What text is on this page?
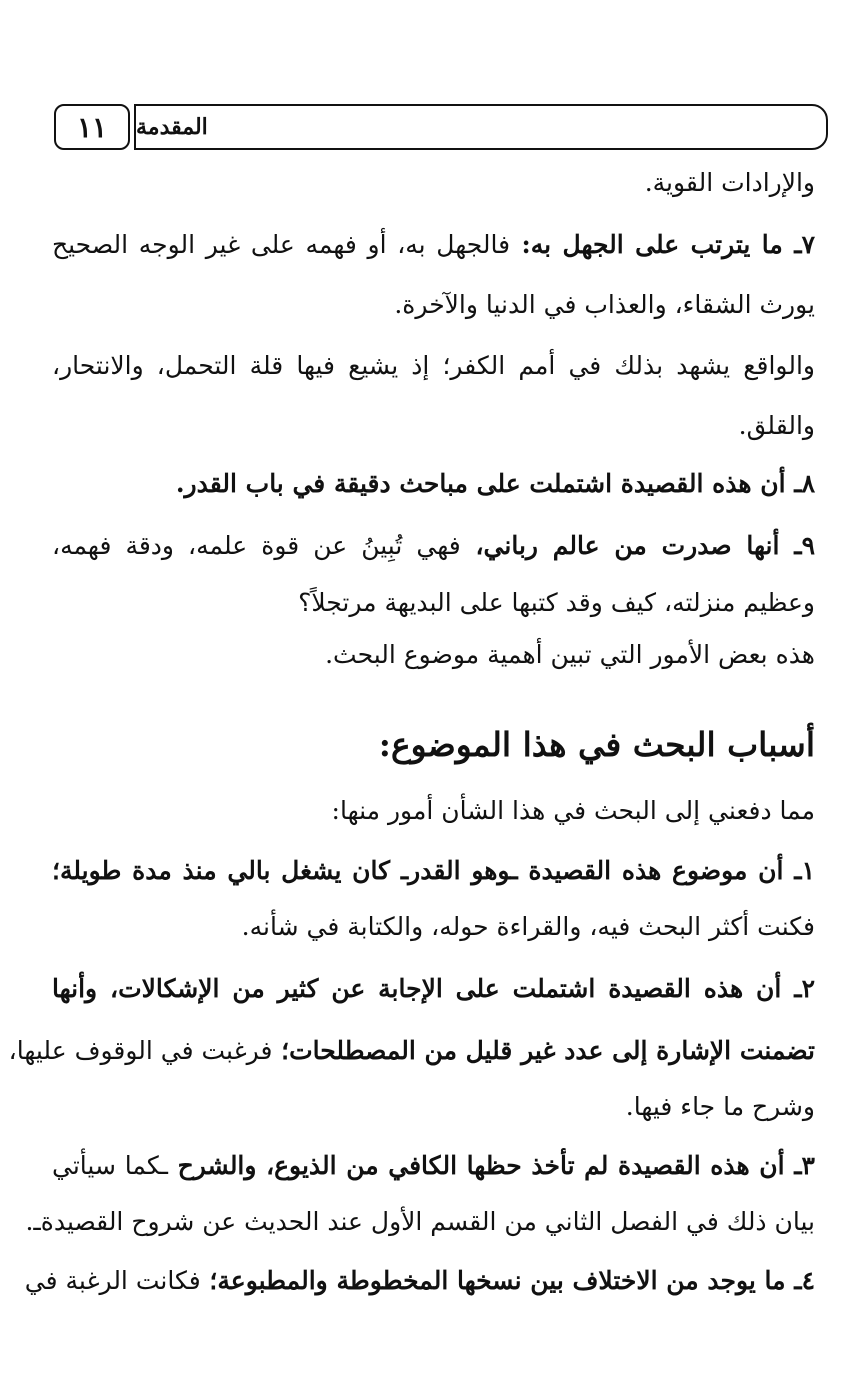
١١	المقدمة
والإرادات القوية.
٧ـ ما يترتب على الجهل به: فالجهل به، أو فهمه على غير الوجه الصحيح
يورث الشقاء، والعذاب في الدنيا والآخرة.
والواقع يشهد بذلك في أمم الكفر؛ إذ يشيع فيها قلة التحمل، والانتحار،
والقلق.
٨ـ أن هذه القصيدة اشتملت على مباحث دقيقة في باب القدر.
٩ـ أنها صدرت من عالم رباني، فهي تُبِينُ عن قوة علمه، ودقة فهمه،
وعظيم منزلته، كيف وقد كتبها على البديهة مرتجلاً؟
هذه بعض الأمور التي تبين أهمية موضوع البحث.
أسباب البحث في هذا الموضوع:
مما دفعني إلى البحث في هذا الشأن أمور منها:
١ـ أن موضوع هذه القصيدة ـوهو القدرـ كان يشغل بالي منذ مدة طويلة؛
فكنت أكثر البحث فيه، والقراءة حوله، والكتابة في شأنه.
٢ـ أن هذه القصيدة اشتملت على الإجابة عن كثير من الإشكالات، وأنها
تضمنت الإشارة إلى عدد غير قليل من المصطلحات؛ فرغبت في الوقوف عليها،
وشرح ما جاء فيها.
٣ـ أن هذه القصيدة لم تأخذ حظها الكافي من الذيوع، والشرح ـكما سيأتي
بيان ذلك في الفصل الثاني من القسم الأول عند الحديث عن شروح القصيدةـ.
٤ـ ما يوجد من الاختلاف بين نسخها المخطوطة والمطبوعة؛ فكانت الرغبة في
